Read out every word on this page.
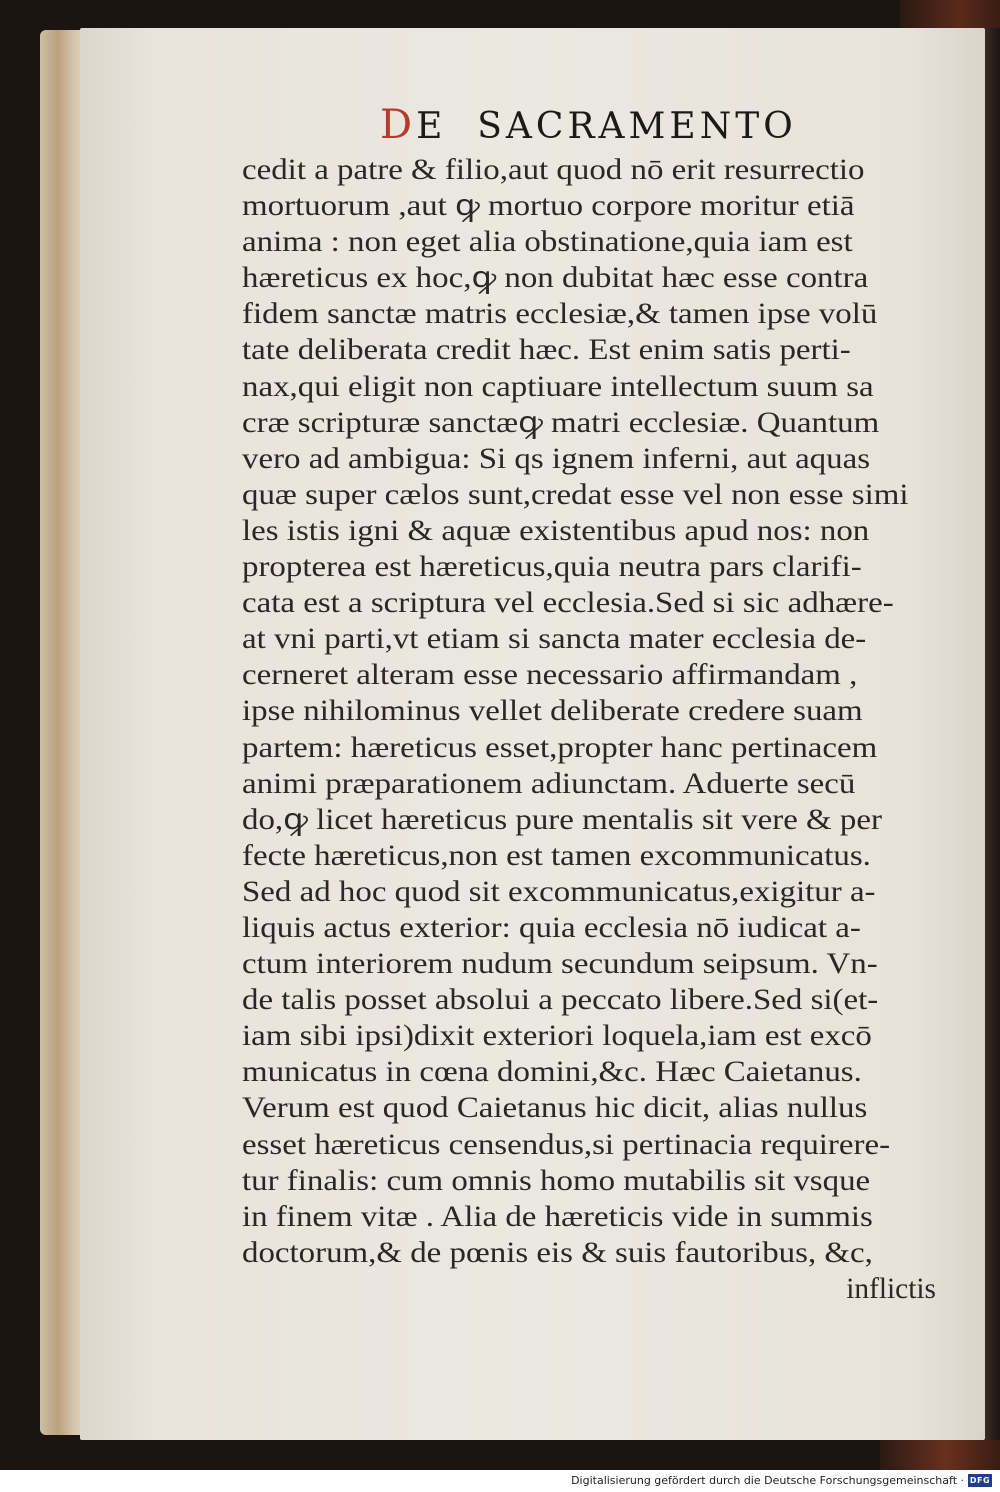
DE  SACRAMENTO
cedit a patre & filio,aut quod nō erit resurrectio
mortuorum ,aut ꝙ mortuo corpore moritur etiā
anima : non eget alia obstinatione,quia iam est
hæreticus ex hoc,ꝙ non dubitat hæc esse contra
fidem sanctæ matris ecclesiæ,& tamen ipse volū
tate deliberata credit hæc. Est enim satis perti-
nax,qui eligit non captiuare intellectum suum sa
cræ scripturæ sanctæꝙ matri ecclesiæ. Quantum
vero ad ambigua: Si qs ignem inferni, aut aquas
quæ super cælos sunt,credat esse vel non esse simi
les istis igni & aquæ existentibus apud nos: non
propterea est hæreticus,quia neutra pars clarifi-
cata est a scriptura vel ecclesia.Sed si sic adhære-
at vni parti,vt etiam si sancta mater ecclesia de-
cerneret alteram esse necessario affirmandam ,
ipse nihilominus vellet deliberate credere suam
partem: hæreticus esset,propter hanc pertinacem
animi præparationem adiunctam. Aduerte secū
do,ꝙ licet hæreticus pure mentalis sit vere & per
fecte hæreticus,non est tamen excommunicatus.
Sed ad hoc quod sit excommunicatus,exigitur a-
liquis actus exterior: quia ecclesia nō iudicat a-
ctum interiorem nudum secundum seipsum. Vn-
de talis posset absolui a peccato libere.Sed si(et-
iam sibi ipsi)dixit exteriori loquela,iam est excō
municatus in cœna domini,&c. Hæc Caietanus.
Verum est quod Caietanus hic dicit, alias nullus
esset hæreticus censendus,si pertinacia requirere-
tur finalis: cum omnis homo mutabilis sit vsque
in finem vitæ . Alia de hæreticis vide in summis
doctorum,& de pœnis eis & suis fautoribus, &c,
inflictis
Digitalisierung gefördert durch die Deutsche Forschungsgemeinschaft · DFG
